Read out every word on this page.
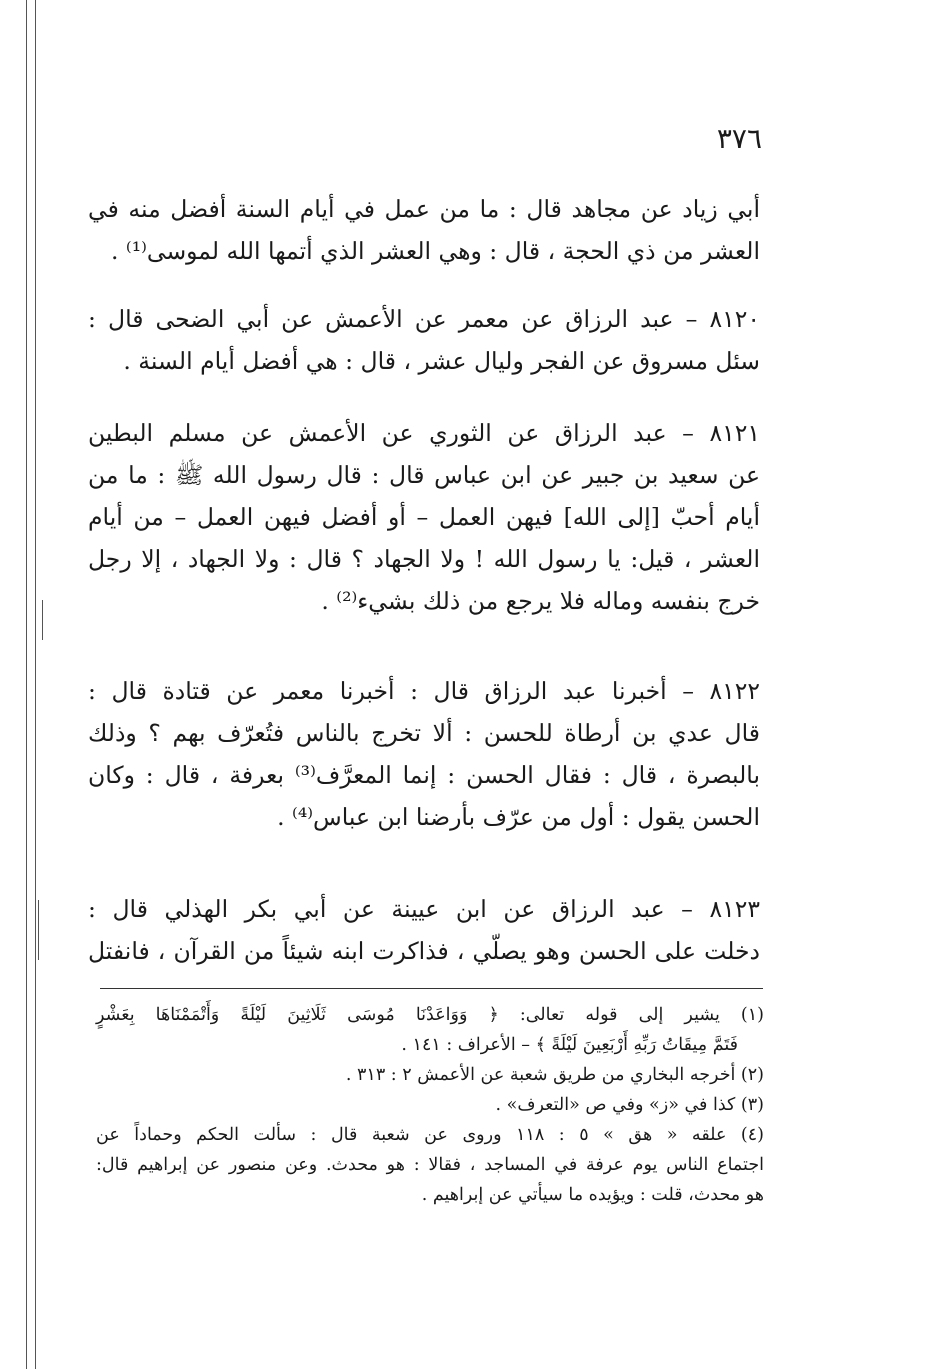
٣٧٦
أبي زياد عن مجاهد قال : ما من عمل في أيام السنة أفضل منه في
العشر من ذي الحجة ، قال : وهي العشر الذي أتمها الله لموسى⁽¹⁾ .
٨١٢٠ – عبد الرزاق عن معمر عن الأعمش عن أبي الضحى قال :
سئل مسروق عن الفجر وليال عشر ، قال : هي أفضل أيام السنة .
٨١٢١ – عبد الرزاق عن الثوري عن الأعمش عن مسلم البطين
عن سعيد بن جبير عن ابن عباس قال : قال رسول الله ﷺ : ما من
أيام أحبّ [إلى الله] فيهن العمل – أو أفضل فيهن العمل – من أيام
العشر ، قيل: يا رسول الله ! ولا الجهاد ؟ قال : ولا الجهاد ، إلا رجل
خرج بنفسه وماله فلا يرجع من ذلك بشيء⁽²⁾ .
٨١٢٢ – أخبرنا عبد الرزاق قال : أخبرنا معمر عن قتادة قال :
قال عدي بن أرطاة للحسن : ألا تخرج بالناس فتُعرّف بهم ؟ وذلك
بالبصرة ، قال : فقال الحسن : إنما المعرَّف⁽³⁾ بعرفة ، قال : وكان
الحسن يقول : أول من عرّف بأرضنا ابن عباس⁽⁴⁾ .
٨١٢٣ – عبد الرزاق عن ابن عيينة عن أبي بكر الهذلي قال :
دخلت على الحسن وهو يصلّي ، فذاكرت ابنه شيئاً من القرآن ، فانفتل
(١) يشير إلى قوله تعالى: ﴿ وَوَاعَدْنَا مُوسَى ثَلَاثِينَ لَيْلَةً وَأَتْمَمْنَاهَا بِعَشْرٍ
فَتَمَّ مِيقَاتُ رَبِّهِ أَرْبَعِينَ لَيْلَةً ﴾ – الأعراف : ١٤١ .
(٢) أخرجه البخاري من طريق شعبة عن الأعمش ٢ : ٣١٣ .
(٣) كذا في «ز» وفي ص «التعرف» .
(٤) علقه « هق » ٥ : ١١٨ وروى عن شعبة قال : سألت الحكم وحماداً عن
اجتماع الناس يوم عرفة في المساجد ، فقالا : هو محدث. وعن منصور عن إبراهيم قال:
هو محدث، قلت : ويؤيده ما سيأتي عن إبراهيم .
